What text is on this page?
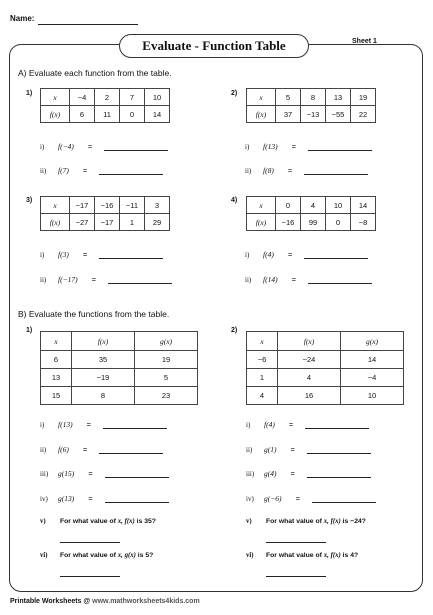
Name:
Evaluate - Function Table	Sheet 1
A) Evaluate each function from the table.
1)	x	−4	2	7	10
f(x)	6	11	0	14
i) f(−4) =
ii) f(7) =
2)	x	5	8	13	19
f(x)	37	−13	−55	22
i) f(13) =
ii) f(8) =
3)	x	−17	−16	−11	3
f(x)	−27	−17	1	29
i) f(3) =
ii) f(−17) =
4)	x	0	4	10	14
f(x)	−16	99	0	−8
i) f(4) =
ii) f(14) =
B) Evaluate the functions from the table.
1)
x	f(x)	g(x)
6	35	19
13	−19	5
15	8	23
i) f(13) =
ii) f(6) =
iii) g(15) =
iv) g(13) =
v) For what value of x, f(x) is 35?
vi) For what value of x, g(x) is 5?
2)
x	f(x)	g(x)
−6	−24	14
1	4	−4
4	16	10
i) f(4) =
ii) g(1) =
iii) g(4) =
iv) g(−6) =
v) For what value of x, f(x) is −24?
vi) For what value of x, f(x) is 4?
Printable Worksheets @ www.mathworksheets4kids.com
